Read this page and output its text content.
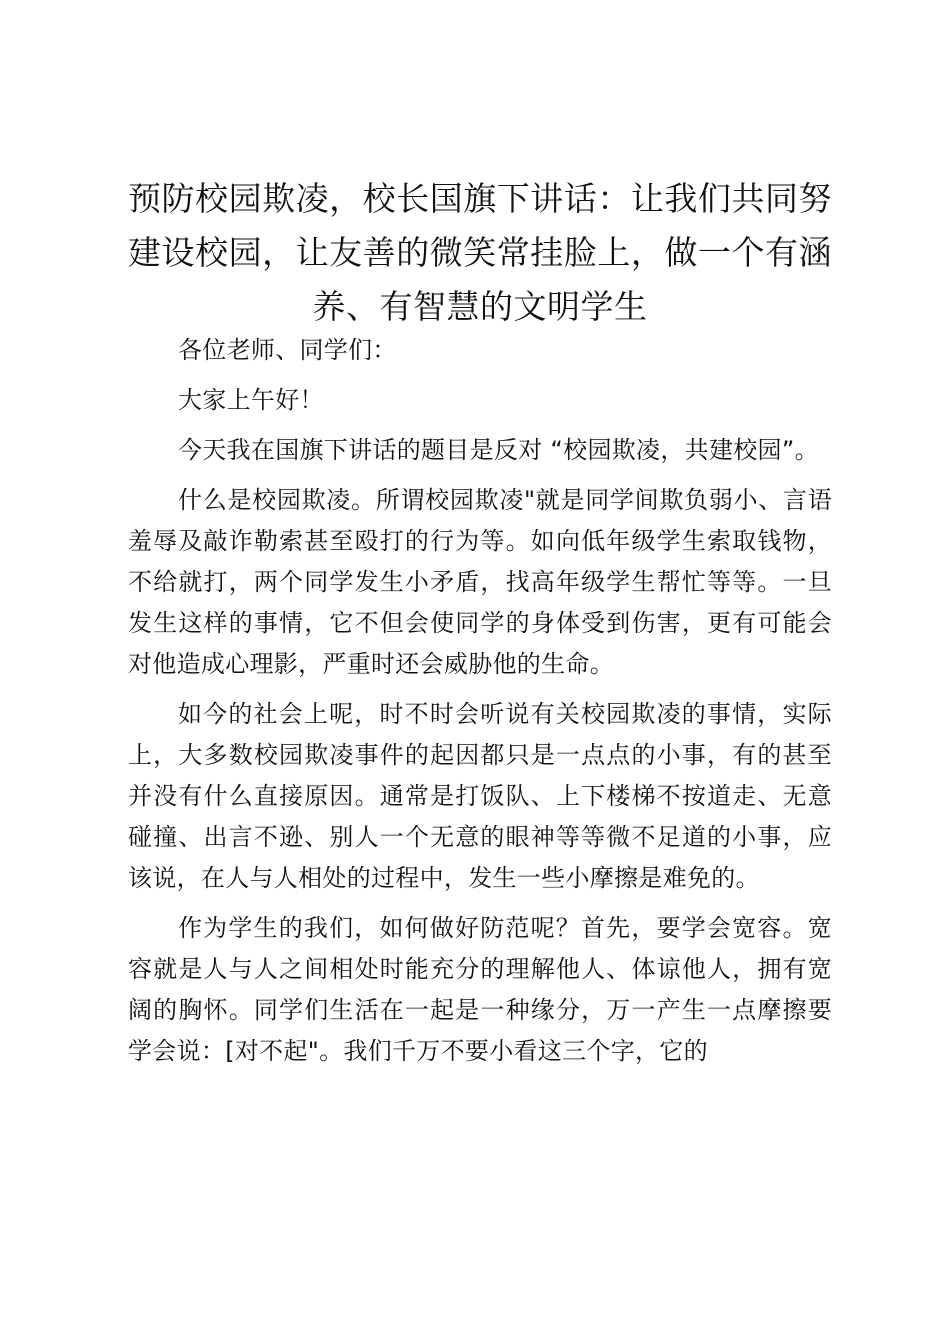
预防校园欺凌，校长国旗下讲话：让我们共同努建设校园，让友善的微笑常挂脸上，做一个有涵养、有智慧的文明学生

各位老师、同学们：

大家上午好！

今天我在国旗下讲话的题目是反对 “校园欺凌，共建校园”。

什么是校园欺凌。所谓校园欺凌"就是同学间欺负弱小、言语羞辱及敲诈勒索甚至殴打的行为等。如向低年级学生索取钱物，不给就打，两个同学发生小矛盾，找高年级学生帮忙等等。一旦发生这样的事情，它不但会使同学的身体受到伤害，更有可能会对他造成心理影，严重时还会威胁他的生命。

如今的社会上呢，时不时会听说有关校园欺凌的事情，实际上，大多数校园欺凌事件的起因都只是一点点的小事，有的甚至并没有什么直接原因。通常是打饭队、上下楼梯不按道走、无意碰撞、出言不逊、别人一个无意的眼神等等微不足道的小事，应该说，在人与人相处的过程中，发生一些小摩擦是难免的。

作为学生的我们，如何做好防范呢？首先，要学会宽容。宽容就是人与人之间相处时能充分的理解他人、体谅他人，拥有宽阔的胸怀。同学们生活在一起是一种缘分，万一产生一点摩擦要学会说：[对不起"。我们千万不要小看这三个字，它的
